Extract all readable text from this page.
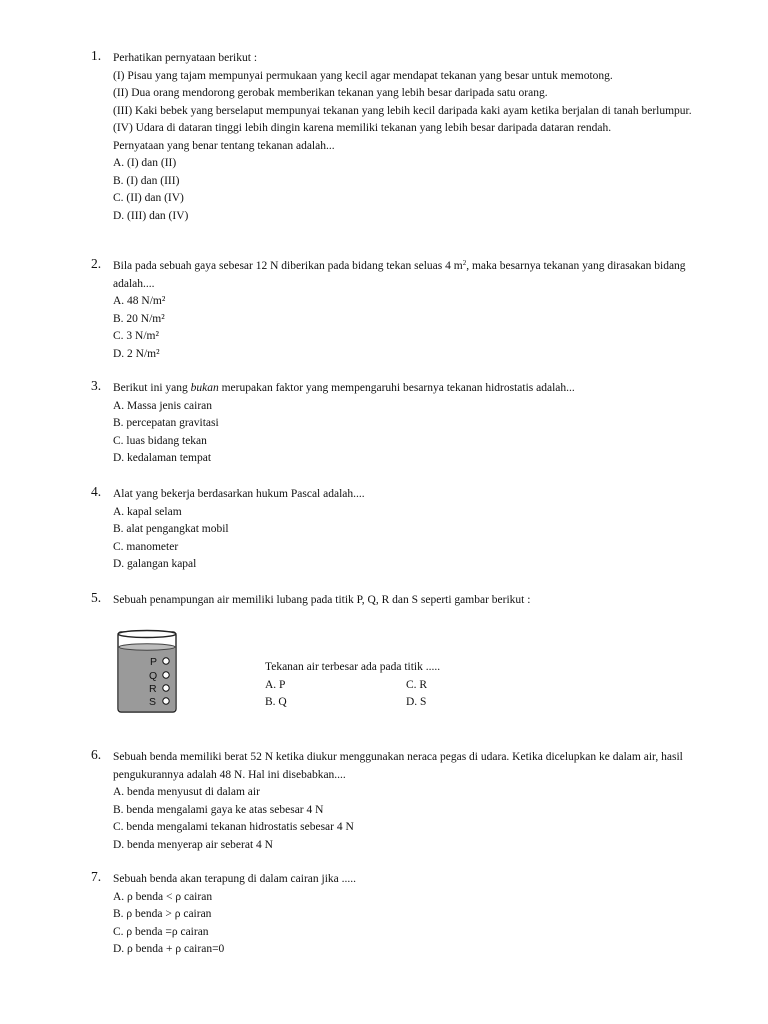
1. Perhatikan pernyataan berikut :
(I) Pisau yang tajam mempunyai permukaan yang kecil agar mendapat tekanan yang besar untuk memotong.
(II) Dua orang mendorong gerobak memberikan tekanan yang lebih besar daripada satu orang.
(III) Kaki bebek yang berselaput mempunyai tekanan yang lebih kecil daripada kaki ayam ketika berjalan di tanah berlumpur.
(IV) Udara di dataran tinggi lebih dingin karena memiliki tekanan yang lebih besar daripada dataran rendah.
Pernyataan yang benar tentang tekanan adalah...
A. (I) dan (II)
B. (I) dan (III)
C. (II) dan (IV)
D. (III) dan (IV)
2. Bila pada sebuah gaya sebesar 12 N diberikan pada bidang tekan seluas 4 $m^2$, maka besarnya tekanan yang dirasakan bidang adalah....
A. 48 N/m²
B. 20 N/m²
C. 3 N/m²
D. 2 N/m²
3. Berikut ini yang bukan merupakan faktor yang mempengaruhi besarnya tekanan hidrostatis adalah...
A. Massa jenis cairan
B. percepatan gravitasi
C. luas bidang tekan
D. kedalaman tempat
4. Alat yang bekerja berdasarkan hukum Pascal adalah....
A. kapal selam
B. alat pengangkat mobil
C. manometer
D. galangan kapal
5. Sebuah penampungan air memiliki lubang pada titik P, Q, R dan S seperti gambar berikut :
P
Q
R
S
Tekanan air terbesar ada pada titik .....
A. P	C. R
B. Q	D. S
6. Sebuah benda memiliki berat 52 N ketika diukur menggunakan neraca pegas di udara. Ketika dicelupkan ke dalam air, hasil pengukurannya adalah 48 N. Hal ini disebabkan....
A. benda menyusut di dalam air
B. benda mengalami gaya ke atas sebesar 4 N
C. benda mengalami tekanan hidrostatis sebesar 4 N
D. benda menyerap air seberat 4 N
7. Sebuah benda akan terapung di dalam cairan jika .....
A. ρ benda < ρ cairan
B. ρ benda > ρ cairan
C. ρ benda =ρ cairan
D. ρ benda + ρ cairan=0
